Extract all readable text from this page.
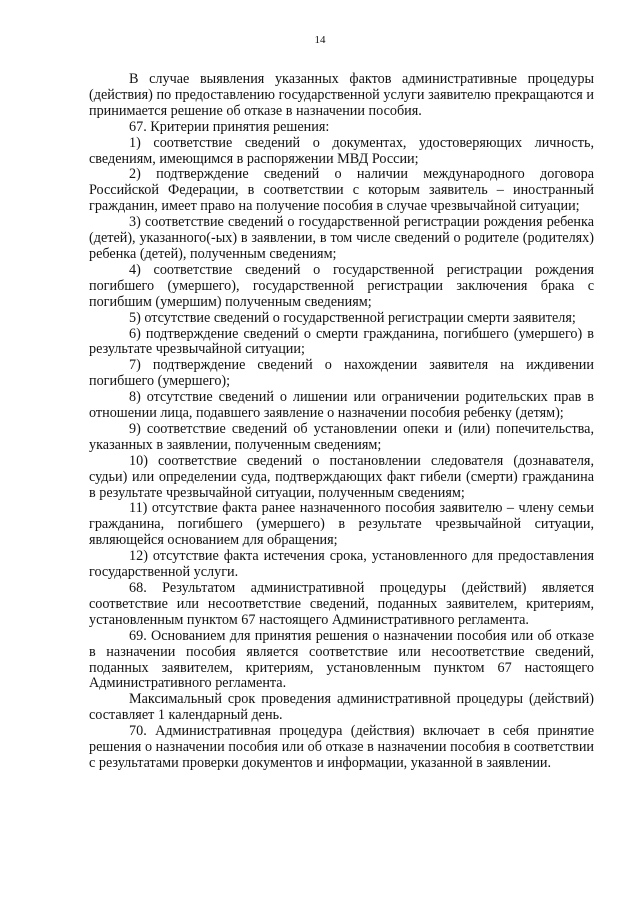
14

В случае выявления указанных фактов административные процедуры (действия) по предоставлению государственной услуги заявителю прекращаются и принимается решение об отказе в назначении пособия.

67. Критерии принятия решения:

1) соответствие сведений о документах, удостоверяющих личность, сведениям, имеющимся в распоряжении МВД России;

2) подтверждение сведений о наличии международного договора Российской Федерации, в соответствии с которым заявитель – иностранный гражданин, имеет право на получение пособия в случае чрезвычайной ситуации;

3) соответствие сведений о государственной регистрации рождения ребенка (детей), указанного(-ых) в заявлении, в том числе сведений о родителе (родителях) ребенка (детей), полученным сведениям;

4) соответствие сведений о государственной регистрации рождения погибшего (умершего), государственной регистрации заключения брака с погибшим (умершим) полученным сведениям;

5) отсутствие сведений о государственной регистрации смерти заявителя;

6) подтверждение сведений о смерти гражданина, погибшего (умершего) в результате чрезвычайной ситуации;

7) подтверждение сведений о нахождении заявителя на иждивении погибшего (умершего);

8) отсутствие сведений о лишении или ограничении родительских прав в отношении лица, подавшего заявление о назначении пособия ребенку (детям);

9) соответствие сведений об установлении опеки и (или) попечительства, указанных в заявлении, полученным сведениям;

10) соответствие сведений о постановлении следователя (дознавателя, судьи) или определении суда, подтверждающих факт гибели (смерти) гражданина в результате чрезвычайной ситуации, полученным сведениям;

11) отсутствие факта ранее назначенного пособия заявителю – члену семьи гражданина, погибшего (умершего) в результате чрезвычайной ситуации, являющейся основанием для обращения;

12) отсутствие факта истечения срока, установленного для предоставления государственной услуги.

68. Результатом административной процедуры (действий) является соответствие или несоответствие сведений, поданных заявителем, критериям, установленным пунктом 67 настоящего Административного регламента.

69. Основанием для принятия решения о назначении пособия или об отказе в назначении пособия является соответствие или несоответствие сведений, поданных заявителем, критериям, установленным пунктом 67 настоящего Административного регламента.

Максимальный срок проведения административной процедуры (действий) составляет 1 календарный день.

70. Административная процедура (действия) включает в себя принятие решения о назначении пособия или об отказе в назначении пособия в соответствии с результатами проверки документов и информации, указанной в заявлении.
